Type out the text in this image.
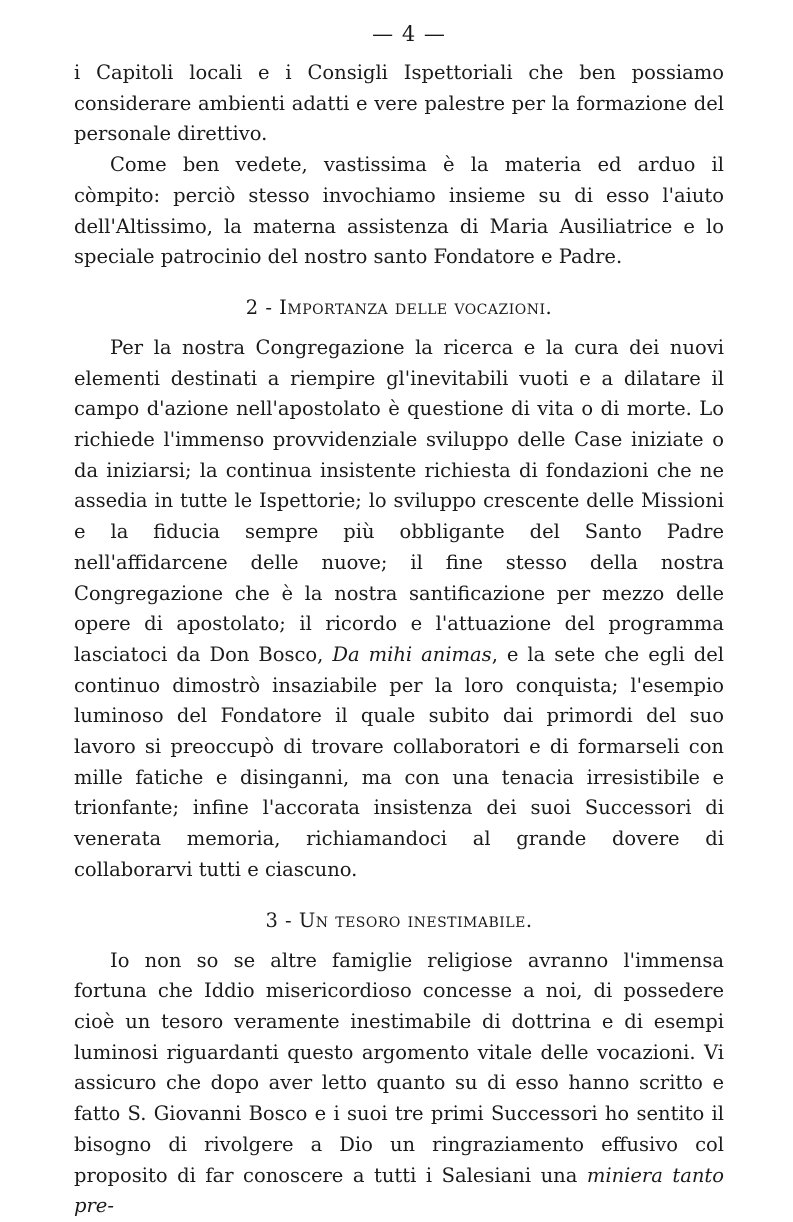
— 4 —

i Capitoli locali e i Consigli Ispettoriali che ben possiamo considerare ambienti adatti e vere palestre per la formazione del personale direttivo.

Come ben vedete, vastissima è la materia ed arduo il còmpito: perciò stesso invochiamo insieme su di esso l'aiuto dell'Altissimo, la materna assistenza di Maria Ausiliatrice e lo speciale patrocinio del nostro santo Fondatore e Padre.

2 - Importanza delle vocazioni.

Per la nostra Congregazione la ricerca e la cura dei nuovi elementi destinati a riempire gl'inevitabili vuoti e a dilatare il campo d'azione nell'apostolato è questione di vita o di morte. Lo richiede l'immenso provvidenziale sviluppo delle Case iniziate o da iniziarsi; la continua insistente richiesta di fondazioni che ne assedia in tutte le Ispettorie; lo sviluppo crescente delle Missioni e la fiducia sempre più obbligante del Santo Padre nell'affidarcene delle nuove; il fine stesso della nostra Congregazione che è la nostra santificazione per mezzo delle opere di apostolato; il ricordo e l'attuazione del programma lasciatoci da Don Bosco, Da mihi animas, e la sete che egli del continuo dimostrò insaziabile per la loro conquista; l'esempio luminoso del Fondatore il quale subito dai primordi del suo lavoro si preoccupò di trovare collaboratori e di formarseli con mille fatiche e disinganni, ma con una tenacia irresistibile e trionfante; infine l'accorata insistenza dei suoi Successori di venerata memoria, richiamandoci al grande dovere di collaborarvi tutti e ciascuno.

3 - Un tesoro inestimabile.

Io non so se altre famiglie religiose avranno l'immensa fortuna che Iddio misericordioso concesse a noi, di possedere cioè un tesoro veramente inestimabile di dottrina e di esempi luminosi riguardanti questo argomento vitale delle vocazioni. Vi assicuro che dopo aver letto quanto su di esso hanno scritto e fatto S. Giovanni Bosco e i suoi tre primi Successori ho sentito il bisogno di rivolgere a Dio un ringraziamento effusivo col proposito di far conoscere a tutti i Salesiani una miniera tanto pre-
